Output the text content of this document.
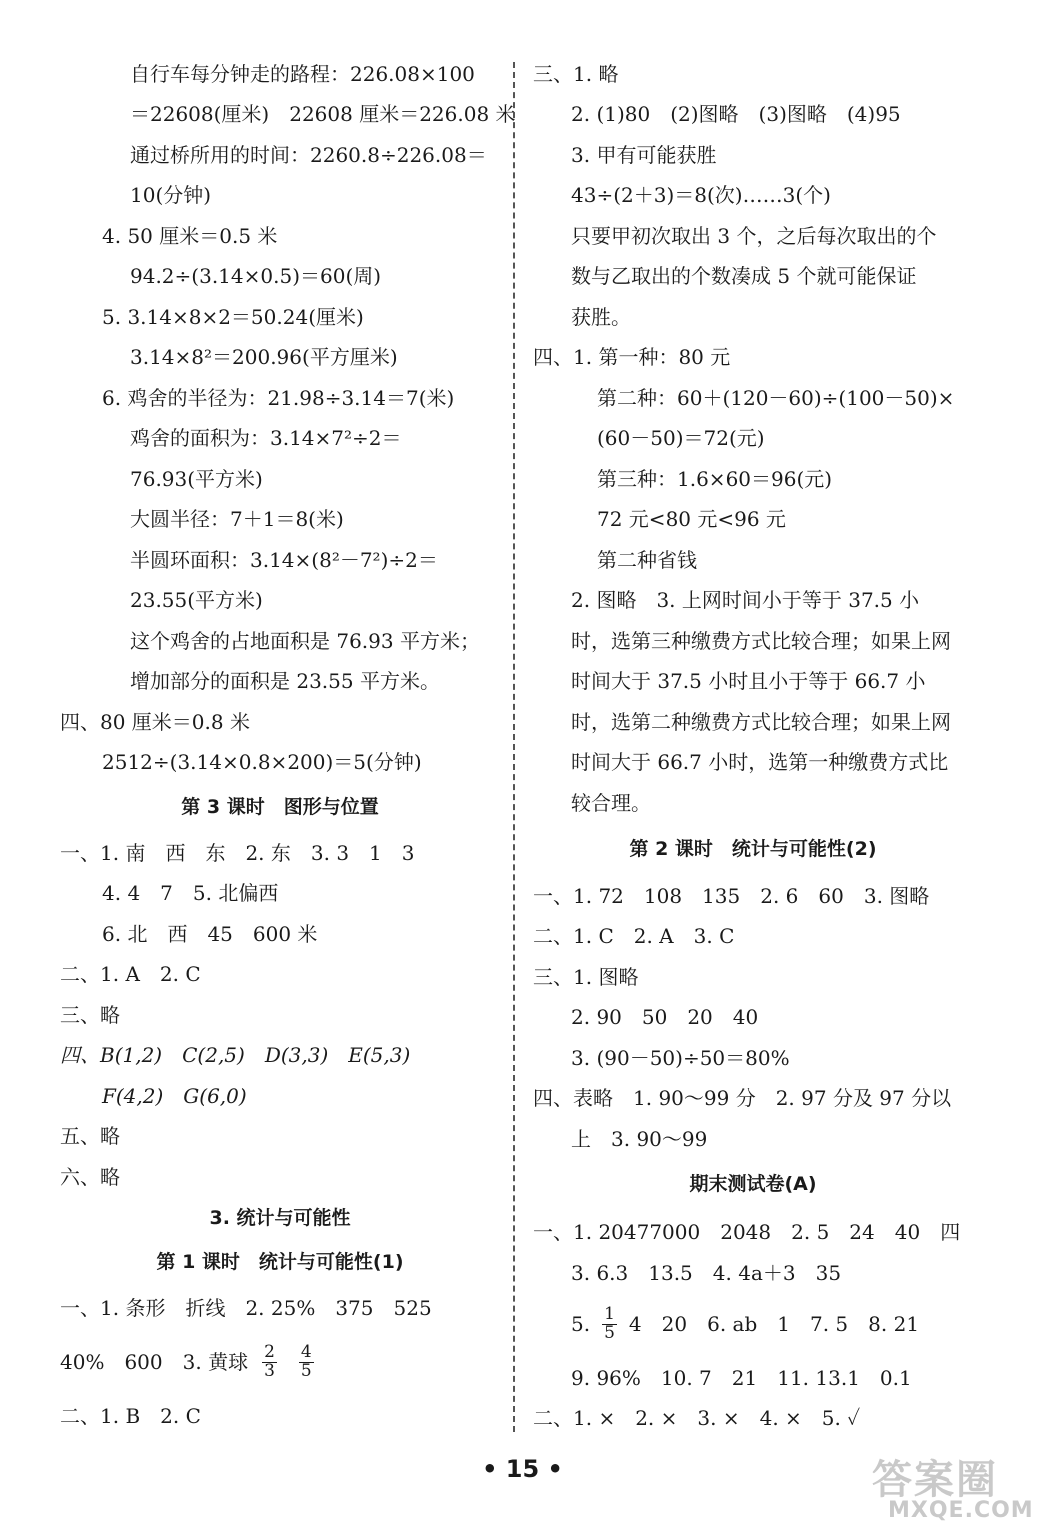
自行车每分钟走的路程：226.08×100
＝22608(厘米)　22608 厘米＝226.08 米
通过桥所用的时间：2260.8÷226.08＝
10(分钟)
4. 50 厘米＝0.5 米
94.2÷(3.14×0.5)＝60(周)
5. 3.14×8×2＝50.24(厘米)
3.14×8²＝200.96(平方厘米)
6. 鸡舍的半径为：21.98÷3.14＝7(米)
鸡舍的面积为：3.14×7²÷2＝
76.93(平方米)
大圆半径：7＋1＝8(米)
半圆环面积：3.14×(8²－7²)÷2＝
23.55(平方米)
这个鸡舍的占地面积是 76.93 平方米；
增加部分的面积是 23.55 平方米。
四、80 厘米＝0.8 米
2512÷(3.14×0.8×200)＝5(分钟)
第 3 课时　图形与位置
一、1. 南　西　东　2. 东　3. 3　1　3
4. 4　7　5. 北偏西
6. 北　西　45　600 米
二、1. A　2. C
三、略
四、B(1,2)　C(2,5)　D(3,3)　E(5,3)
F(4,2)　G(6,0)
五、略
六、略
3. 统计与可能性
第 1 课时　统计与可能性(1)
一、1. 条形　折线　2. 25%　375　525
40%　600　3. 黄球 $\frac{2}{3} \frac{4}{5}$
二、1. B　2. C
三、1. 略
2. (1)80　(2)图略　(3)图略　(4)95
3. 甲有可能获胜
43÷(2＋3)＝8(次)……3(个)
只要甲初次取出 3 个，之后每次取出的个
数与乙取出的个数凑成 5 个就可能保证
获胜。
四、1. 第一种：80 元
第二种：60＋(120－60)÷(100－50)×
(60－50)＝72(元)
第三种：1.6×60＝96(元)
72 元<80 元<96 元
第二种省钱
2. 图略　3. 上网时间小于等于 37.5 小
时，选第三种缴费方式比较合理；如果上网
时间大于 37.5 小时且小于等于 66.7 小
时，选第二种缴费方式比较合理；如果上网
时间大于 66.7 小时，选第一种缴费方式比
较合理。
第 2 课时　统计与可能性(2)
一、1. 72　108　135　2. 6　60　3. 图略
二、1. C　2. A　3. C
三、1. 图略
2. 90　50　20　40
3. (90－50)÷50＝80%
四、表略　1. 90～99 分　2. 97 分及 97 分以
上　3. 90～99
期末测试卷(A)
一、1. 20477000　2048　2. 5　24　40　四
3. 6.3　13.5　4. 4a＋3　35
5. $\frac{1}{5} 4$　20　6. ab　1　7. 5　8. 21
9. 96%　10. 7　21　11. 13.1　0.1
二、1. ×　2. ×　3. ×　4. ×　5. ✓
• 15 •	答案圈
MXQE.COM
